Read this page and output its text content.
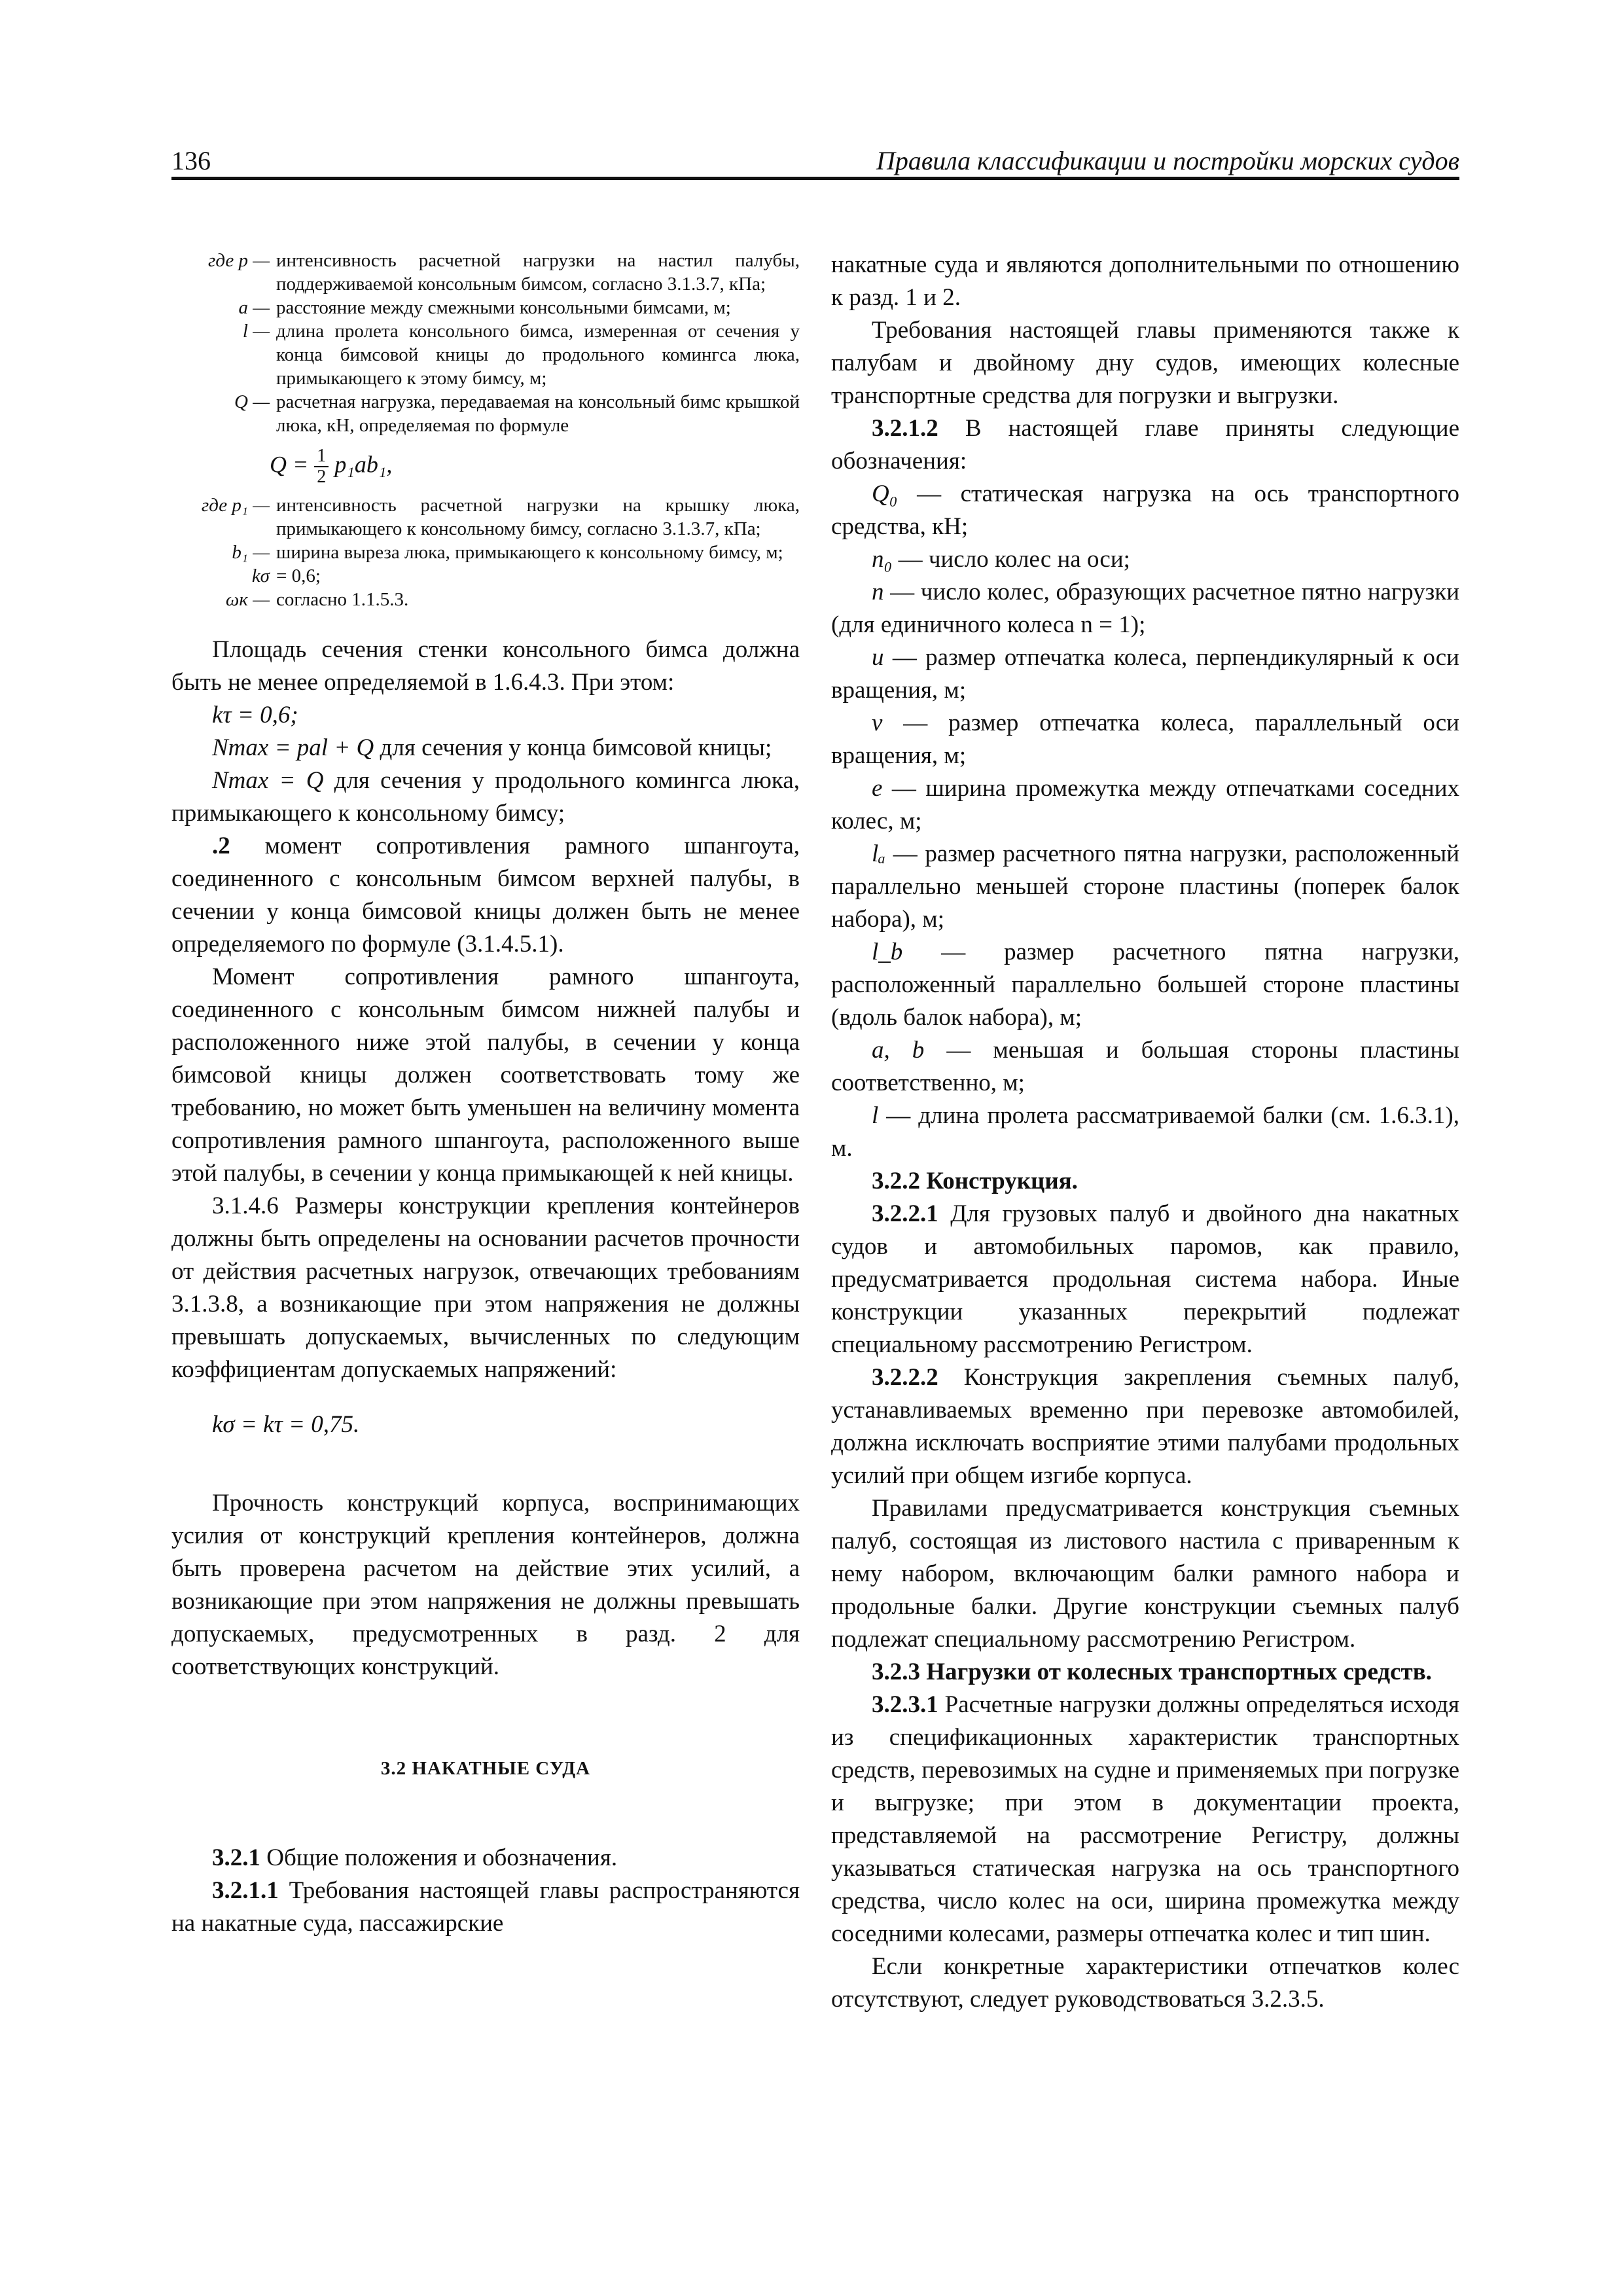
136	Правила классификации и постройки морских судов
где p — интенсивность расчетной нагрузки на настил палубы, поддерживаемой консольным бимсом, согласно 3.1.3.7, кПа;
a — расстояние между смежными консольными бимсами, м;
l — длина пролета консольного бимса, измеренная от сечения у конца бимсовой кницы до продольного комингса люка, примыкающего к этому бимсу, м;
Q — расчетная нагрузка, передаваемая на консольный бимс крышкой люка, кН, определяемая по формуле
$Q = \frac{1}{2} p_1ab_1$,
где p₁ — интенсивность расчетной нагрузки на крышку люка, примыкающего к консольному бимсу, согласно 3.1.3.7, кПа;
b₁ — ширина выреза люка, примыкающего к консольному бимсу, м;
kσ = 0,6;
ωк — согласно 1.1.5.3.

Площадь сечения стенки консольного бимса должна быть не менее определяемой в 1.6.4.3. При этом:

kτ = 0,6;

Nmax = pal + Q для сечения у конца бимсовой кницы;

Nmax = Q для сечения у продольного комингса люка, примыкающего к консольному бимсу;

.2 момент сопротивления рамного шпангоута, соединенного с консольным бимсом верхней палубы, в сечении у конца бимсовой кницы должен быть не менее определяемого по формуле (3.1.4.5.1).

Момент сопротивления рамного шпангоута, соединенного с консольным бимсом нижней палубы и расположенного ниже этой палубы, в сечении у конца бимсовой кницы должен соответствовать тому же требованию, но может быть уменьшен на величину момента сопротивления рамного шпангоута, расположенного выше этой палубы, в сечении у конца примыкающей к ней кницы.

3.1.4.6 Размеры конструкции крепления контейнеров должны быть определены на основании расчетов прочности от действия расчетных нагрузок, отвечающих требованиям 3.1.3.8, а возникающие при этом напряжения не должны превышать допускаемых, вычисленных по следующим коэффициентам допускаемых напряжений:

kσ = kτ = 0,75.

Прочность конструкций корпуса, воспринимающих усилия от конструкций крепления контейнеров, должна быть проверена расчетом на действие этих усилий, а возникающие при этом напряжения не должны превышать допускаемых, предусмотренных в разд. 2 для соответствующих конструкций.

3.2 НАКАТНЫЕ СУДА

3.2.1 Общие положения и обозначения.

3.2.1.1 Требования настоящей главы распространяются на накатные суда, пассажирские

накатные суда и являются дополнительными по отношению к разд. 1 и 2.

Требования настоящей главы применяются также к палубам и двойному дну судов, имеющих колесные транспортные средства для погрузки и выгрузки.

3.2.1.2 В настоящей главе приняты следующие обозначения:

Q₀ — статическая нагрузка на ось транспортного средства, кН;

n₀ — число колес на оси;

n — число колес, образующих расчетное пятно нагрузки (для единичного колеса n = 1);

u — размер отпечатка колеса, перпендикулярный к оси вращения, м;

v — размер отпечатка колеса, параллельный оси вращения, м;

e — ширина промежутка между отпечатками соседних колес, м;

lₐ — размер расчетного пятна нагрузки, расположенный параллельно меньшей стороне пластины (поперек балок набора), м;

l_b — размер расчетного пятна нагрузки, расположенный параллельно большей стороне пластины (вдоль балок набора), м;

a, b — меньшая и большая стороны пластины соответственно, м;

l — длина пролета рассматриваемой балки (см. 1.6.3.1), м.

3.2.2 Конструкция.

3.2.2.1 Для грузовых палуб и двойного дна накатных судов и автомобильных паромов, как правило, предусматривается продольная система набора. Иные конструкции указанных перекрытий подлежат специальному рассмотрению Регистром.

3.2.2.2 Конструкция закрепления съемных палуб, устанавливаемых временно при перевозке автомобилей, должна исключать восприятие этими палубами продольных усилий при общем изгибе корпуса.

Правилами предусматривается конструкция съемных палуб, состоящая из листового настила с приваренным к нему набором, включающим балки рамного набора и продольные балки. Другие конструкции съемных палуб подлежат специальному рассмотрению Регистром.

3.2.3 Нагрузки от колесных транспортных средств.

3.2.3.1 Расчетные нагрузки должны определяться исходя из спецификационных характеристик транспортных средств, перевозимых на судне и применяемых при погрузке и выгрузке; при этом в документации проекта, представляемой на рассмотрение Регистру, должны указываться статическая нагрузка на ось транспортного средства, число колес на оси, ширина промежутка между соседними колесами, размеры отпечатка колес и тип шин.

Если конкретные характеристики отпечатков колес отсутствуют, следует руководствоваться 3.2.3.5.
